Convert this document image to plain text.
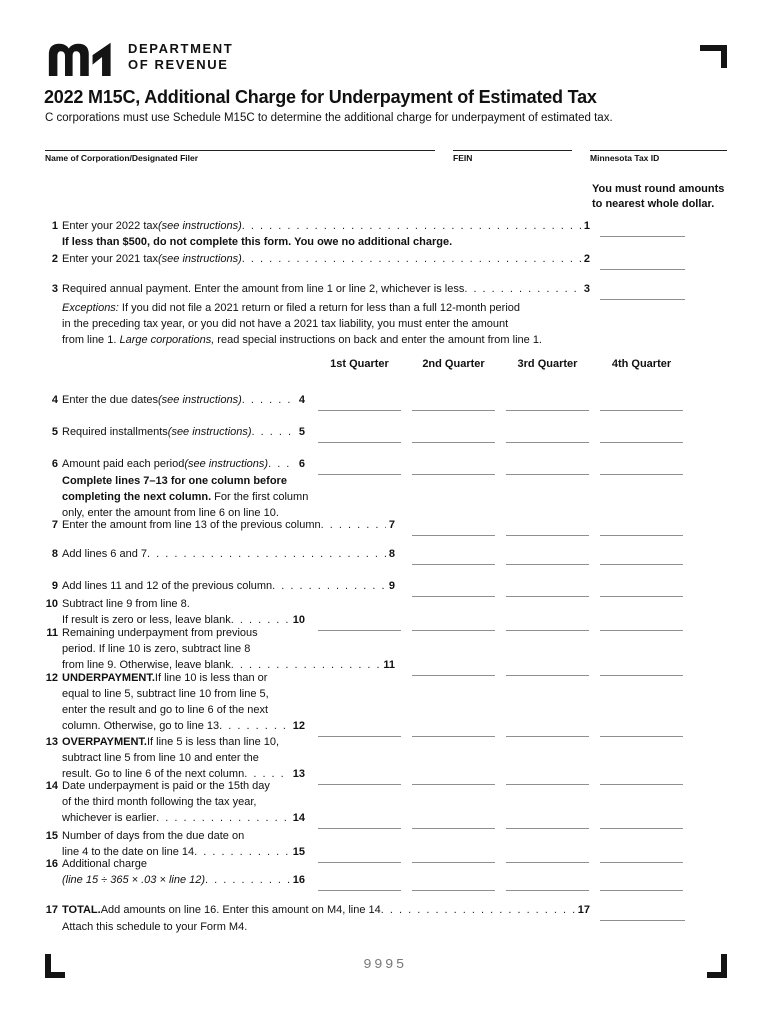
DEPARTMENT
OF REVENUE
2022 M15C, Additional Charge for Underpayment of Estimated Tax
C corporations must use Schedule M15C to determine the additional charge for underpayment of estimated tax.
Name of Corporation/Designated Filer	FEIN	Minnesota Tax ID
You must round amounts
to nearest whole dollar.
1 Enter your 2022 tax (see instructions) . . .	1
If less than $500, do not complete this form. You owe no additional charge.
2 Enter your 2021 tax (see instructions) . . .	2
3 Required annual payment. Enter the amount from line 1 or line 2, whichever is less . . .	3
Exceptions: If you did not file a 2021 return or filed a return for less than a full 12-month period
in the preceding tax year, or you did not have a 2021 tax liability, you must enter the amount
from line 1. Large corporations, read special instructions on back and enter the amount from line 1.
1st Quarter	2nd Quarter	3rd Quarter	4th Quarter
4 Enter the due dates (see instructions) . . .	4
5 Required installments (see instructions) . . .	5
6 Amount paid each period (see instructions) . . .	6
Complete lines 7–13 for one column before completing the next column. For the first column only, enter the amount from line 6 on line 10.
7 Enter the amount from line 13 of the previous column . . .	7
8 Add lines 6 and 7 . . .	8
9 Add lines 11 and 12 of the previous column . . .	9
10 Subtract line 9 from line 8.
If result is zero or less, leave blank . . .	10
11 Remaining underpayment from previous
period. If line 10 is zero, subtract line 8
from line 9. Otherwise, leave blank . . .	11
12 UNDERPAYMENT. If line 10 is less than or
equal to line 5, subtract line 10 from line 5,
enter the result and go to line 6 of the next
column. Otherwise, go to line 13 . . .	12
13 OVERPAYMENT. If line 5 is less than line 10,
subtract line 5 from line 10 and enter the
result. Go to line 6 of the next column . . .	13
14 Date underpayment is paid or the 15th day
of the third month following the tax year,
whichever is earlier . . .	14
15 Number of days from the due date on
line 4 to the date on line 14 . . .	15
16 Additional charge
(line 15 ÷ 365 × .03 × line 12) . . .	16
17 TOTAL. Add amounts on line 16. Enter this amount on M4, line 14 . . .	17
Attach this schedule to your Form M4.
9995
